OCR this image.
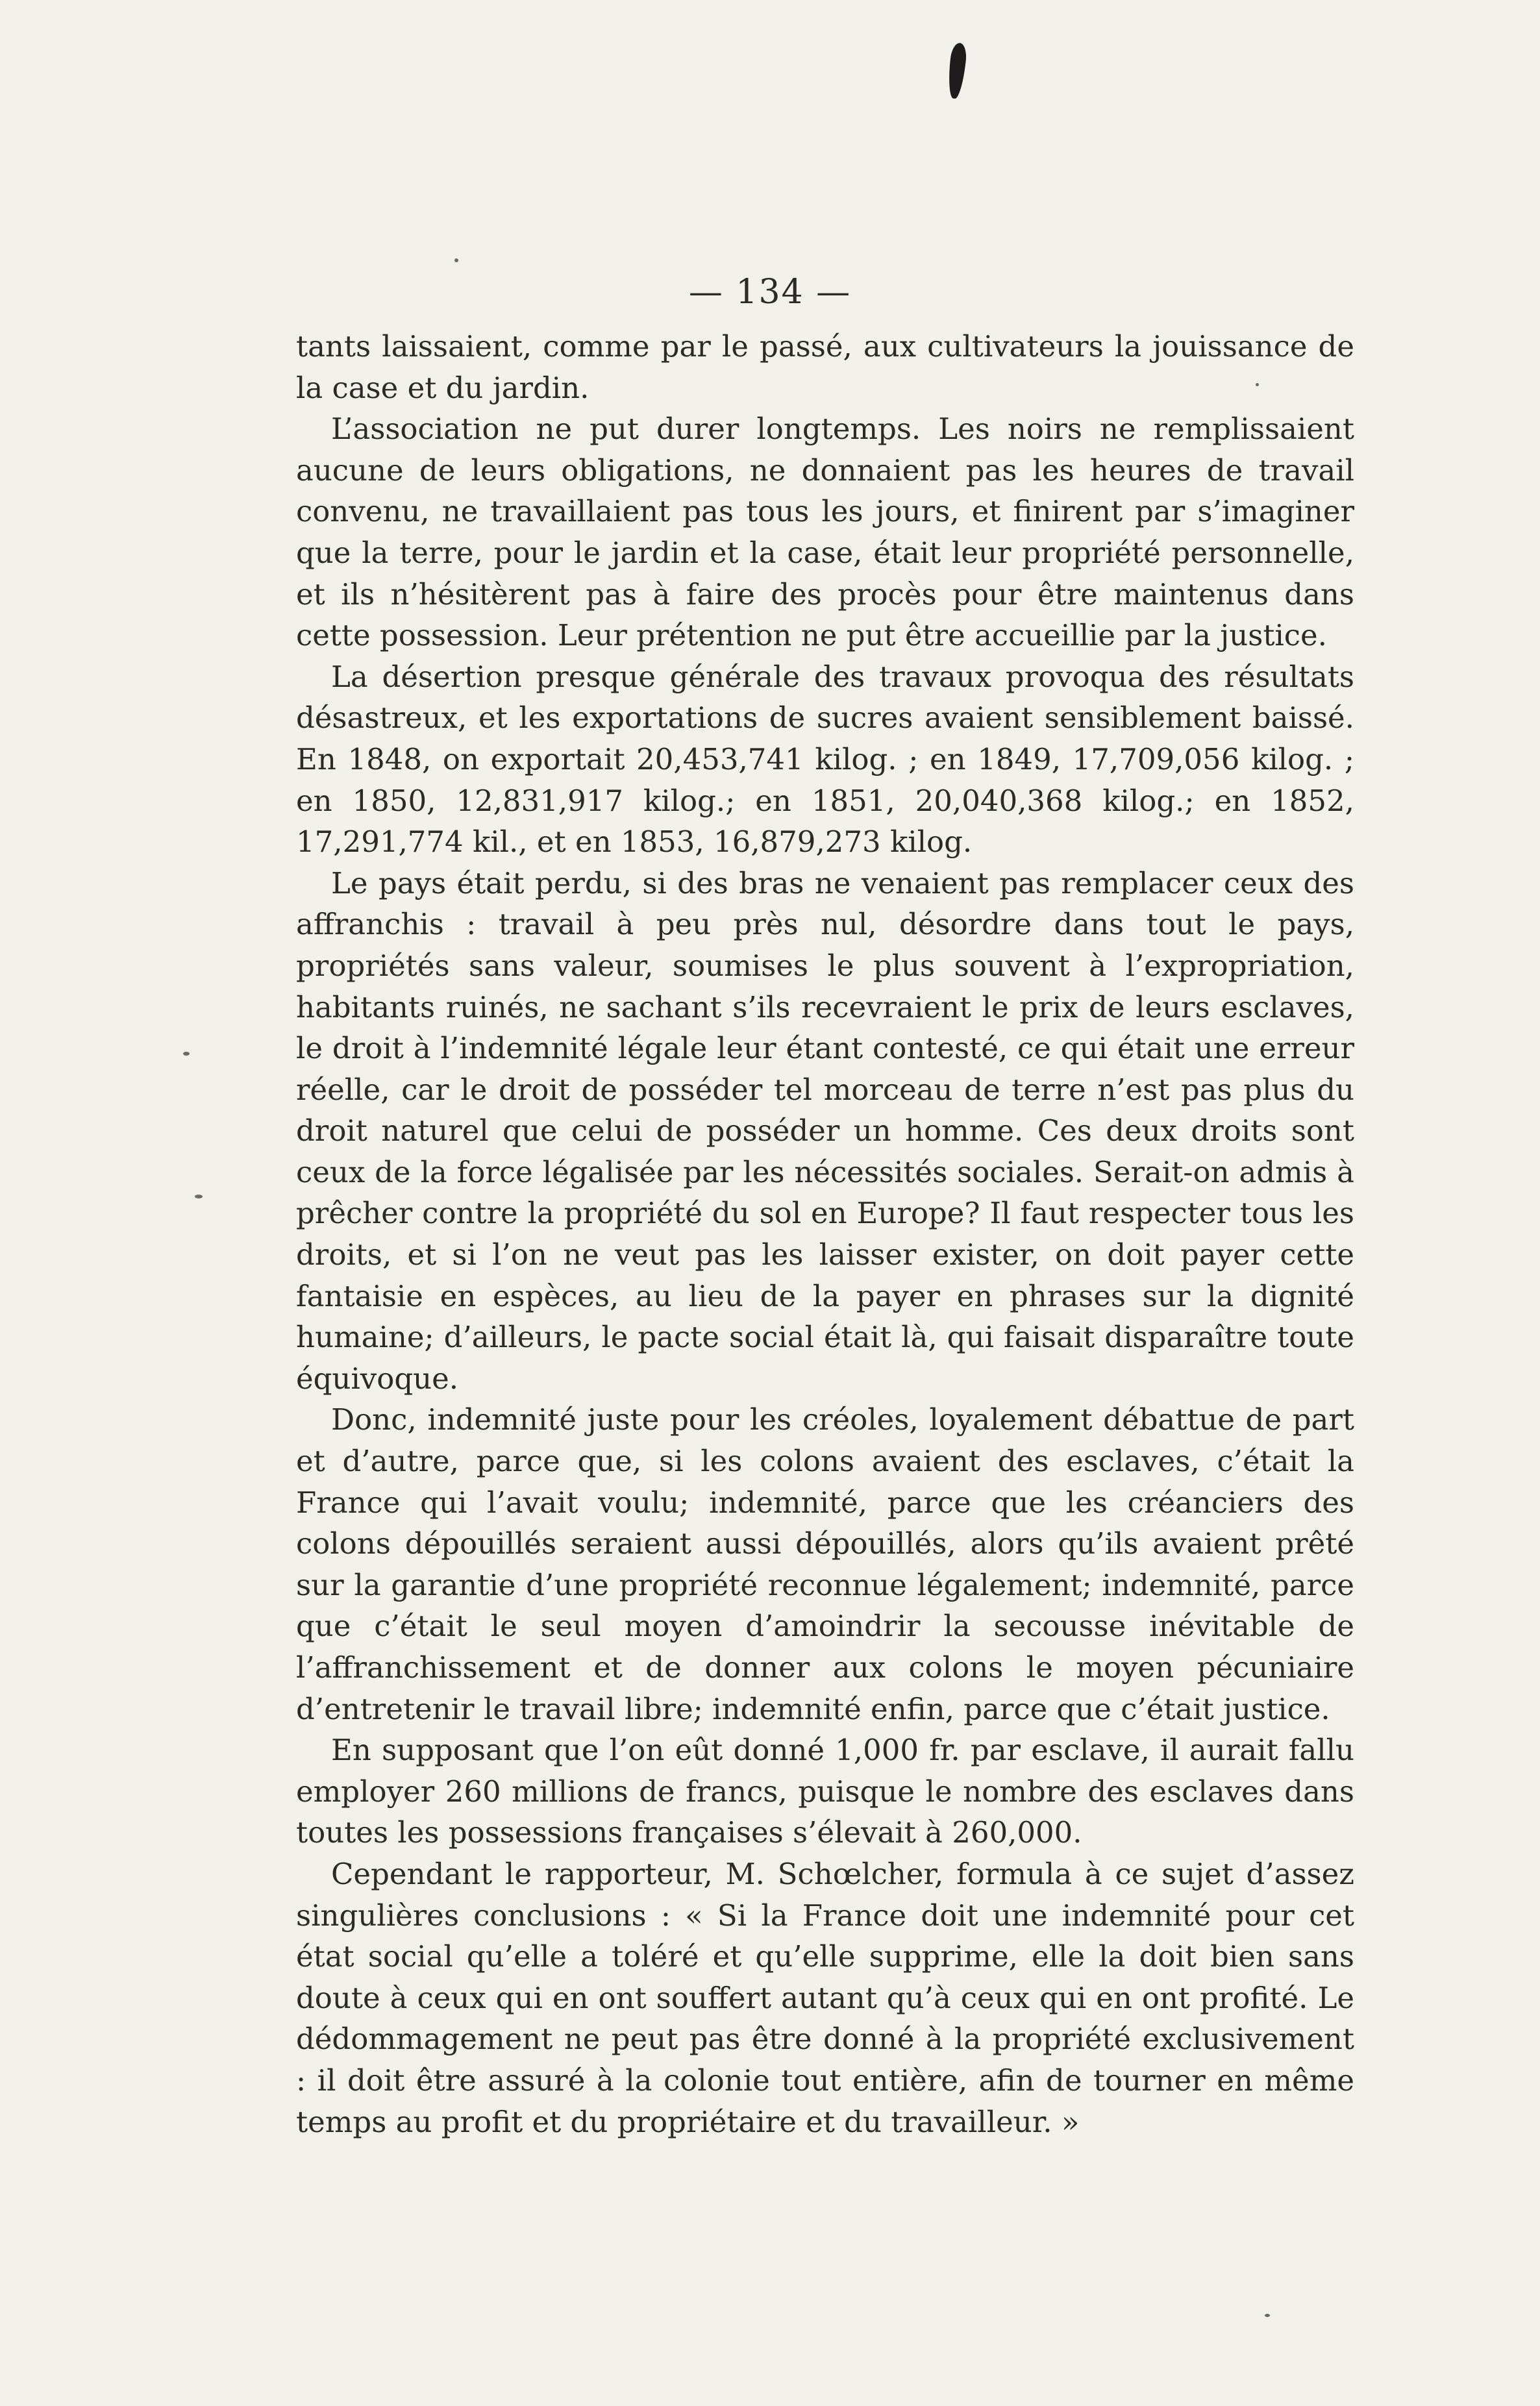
— 134 —

tants laissaient, comme par le passé, aux cultivateurs la jouissance de la case et du jardin.

L’association ne put durer longtemps. Les noirs ne remplissaient aucune de leurs obligations, ne donnaient pas les heures de travail convenu, ne travaillaient pas tous les jours, et finirent par s’imaginer que la terre, pour le jardin et la case, était leur propriété personnelle, et ils n’hésitèrent pas à faire des procès pour être maintenus dans cette possession. Leur prétention ne put être accueillie par la justice.

La désertion presque générale des travaux provoqua des résultats désastreux, et les exportations de sucres avaient sensiblement baissé. En 1848, on exportait 20,453,741 kilog. ; en 1849, 17,709,056 kilog. ; en 1850, 12,831,917 kilog.; en 1851, 20,040,368 kilog.; en 1852, 17,291,774 kil., et en 1853, 16,879,273 kilog.

Le pays était perdu, si des bras ne venaient pas remplacer ceux des affranchis : travail à peu près nul, désordre dans tout le pays, propriétés sans valeur, soumises le plus souvent à l’expropriation, habitants ruinés, ne sachant s’ils recevraient le prix de leurs esclaves, le droit à l’indemnité légale leur étant contesté, ce qui était une erreur réelle, car le droit de posséder tel morceau de terre n’est pas plus du droit naturel que celui de posséder un homme. Ces deux droits sont ceux de la force légalisée par les nécessités sociales. Serait-on admis à prêcher contre la propriété du sol en Europe? Il faut respecter tous les droits, et si l’on ne veut pas les laisser exister, on doit payer cette fantaisie en espèces, au lieu de la payer en phrases sur la dignité humaine; d’ailleurs, le pacte social était là, qui faisait disparaître toute équivoque.

Donc, indemnité juste pour les créoles, loyalement débattue de part et d’autre, parce que, si les colons avaient des esclaves, c’était la France qui l’avait voulu; indemnité, parce que les créanciers des colons dépouillés seraient aussi dépouillés, alors qu’ils avaient prêté sur la garantie d’une propriété reconnue légalement; indemnité, parce que c’était le seul moyen d’amoindrir la secousse inévitable de l’affranchissement et de donner aux colons le moyen pécuniaire d’entretenir le travail libre; indemnité enfin, parce que c’était justice.

En supposant que l’on eût donné 1,000 fr. par esclave, il aurait fallu employer 260 millions de francs, puisque le nombre des esclaves dans toutes les possessions françaises s’élevait à 260,000.

Cependant le rapporteur, M. Schœlcher, formula à ce sujet d’assez singulières conclusions : « Si la France doit une indemnité pour cet état social qu’elle a toléré et qu’elle supprime, elle la doit bien sans doute à ceux qui en ont souffert autant qu’à ceux qui en ont profité. Le dédommagement ne peut pas être donné à la propriété exclusivement : il doit être assuré à la colonie tout entière, afin de tourner en même temps au profit et du propriétaire et du travailleur. »
